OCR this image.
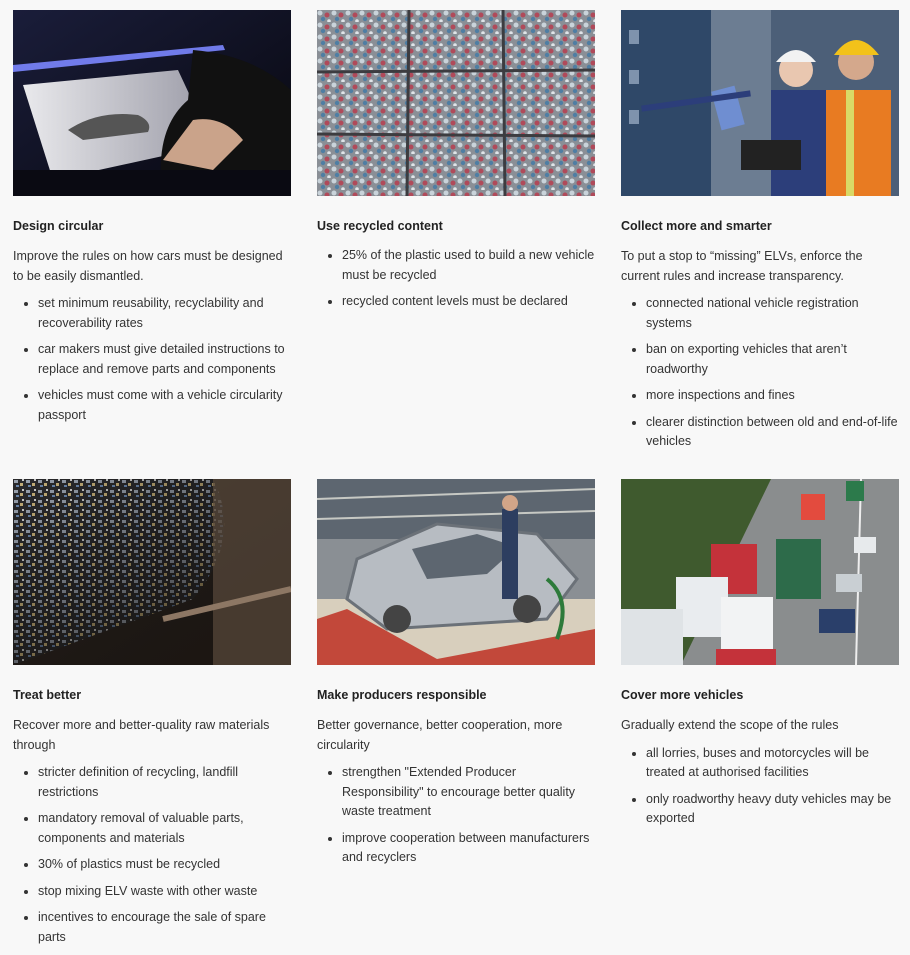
Design circular
Improve the rules on how cars must be designed to be easily dismantled.
set minimum reusability, recyclability and recoverability rates
car makers must give detailed instructions to replace and remove parts and components
vehicles must come with a vehicle circularity passport
Use recycled content
25% of the plastic used to build a new vehicle must be recycled
recycled content levels must be declared
Collect more and smarter
To put a stop to “missing” ELVs, enforce the current rules and increase transparency.
connected national vehicle registration systems
ban on exporting vehicles that aren’t roadworthy
more inspections and fines
clearer distinction between old and end-of-life vehicles
Treat better
Recover more and better-quality raw materials through
stricter definition of recycling, landfill restrictions
mandatory removal of valuable parts, components and materials
30% of plastics must be recycled
stop mixing ELV waste with other waste
incentives to encourage the sale of spare parts
Make producers responsible
Better governance, better cooperation, more circularity
strengthen "Extended Producer Responsibility" to encourage better quality waste treatment
improve cooperation between manufacturers and recyclers
Cover more vehicles
Gradually extend the scope of the rules
all lorries, buses and motorcycles will be treated at authorised facilities
only roadworthy heavy duty vehicles may be exported
